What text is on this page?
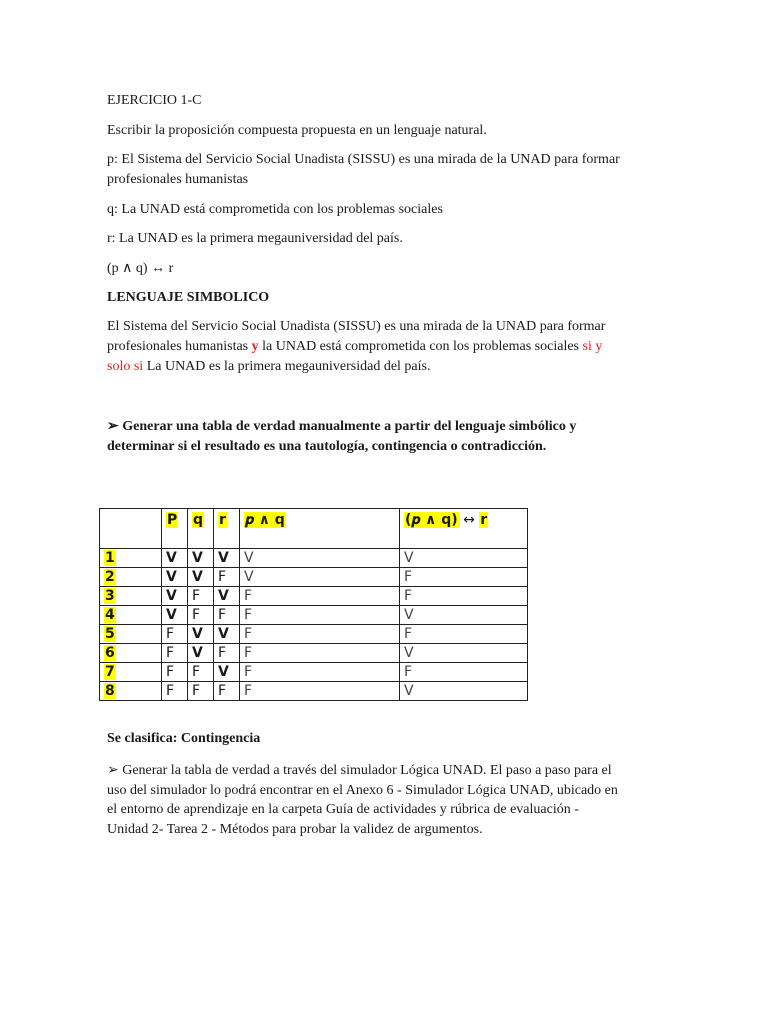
EJERCICIO 1-C
Escribir la proposición compuesta propuesta en un lenguaje natural.
p: El Sistema del Servicio Social Unadista (SISSU) es una mirada de la UNAD para formar
profesionales humanistas
q: La UNAD está comprometida con los problemas sociales
r: La UNAD es la primera megauniversidad del país.
(p ∧ q) ↔ r
LENGUAJE SIMBOLICO
El Sistema del Servicio Social Unadista (SISSU) es una mirada de la UNAD para formar
profesionales humanistas y la UNAD está comprometida con los problemas sociales si y
solo si La UNAD es la primera megauniversidad del país.
➢ Generar una tabla de verdad manualmente a partir del lenguaje simbólico y
determinar si el resultado es una tautología, contingencia o contradicción.
	P	q	r	𝒑 ∧ q	(𝒑 ∧ q) ↔ r
1	V	V	V	V	V
2	V	V	F	V	F
3	V	F	V	F	F
4	V	F	F	F	V
5	F	V	V	F	F
6	F	V	F	F	V
7	F	F	V	F	F
8	F	F	F	F	V
Se clasifica: Contingencia
➢ Generar la tabla de verdad a través del simulador Lógica UNAD. El paso a paso para el
uso del simulador lo podrá encontrar en el Anexo 6 - Simulador Lógica UNAD, ubicado en
el entorno de aprendizaje en la carpeta Guía de actividades y rúbrica de evaluación -
Unidad 2- Tarea 2 - Métodos para probar la validez de argumentos.
